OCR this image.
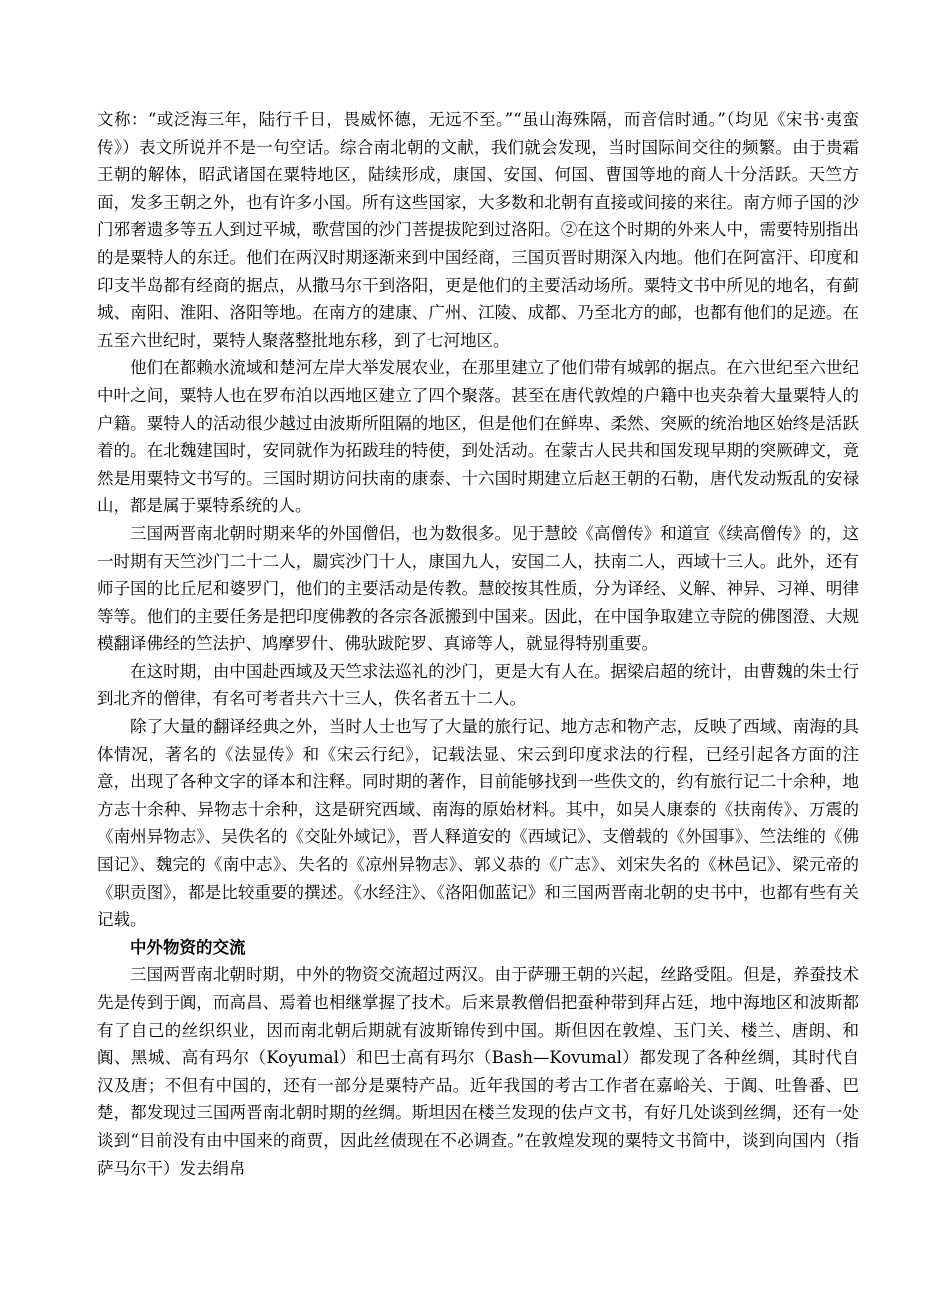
文称：“或泛海三年，陆行千日，畏威怀德，无远不至。”“虽山海殊隔，而音信时通。”（均见《宋书·夷蛮传》）表文所说并不是一句空话。综合南北朝的文献，我们就会发现，当时国际间交往的频繁。由于贵霜王朝的解体，昭武诸国在粟特地区，陆续形成，康国、安国、何国、曹国等地的商人十分活跃。天竺方面，发多王朝之外，也有许多小国。所有这些国家，大多数和北朝有直接或间接的来往。南方师子国的沙门邪奢遗多等五人到过平城，歌营国的沙门菩提拔陀到过洛阳。②在这个时期的外来人中，需要特别指出的是粟特人的东迁。他们在两汉时期逐渐来到中国经商，三国页晋时期深入内地。他们在阿富汗、印度和印支半岛都有经商的据点，从撒马尔干到洛阳，更是他们的主要活动场所。粟特文书中所见的地名，有蓟城、南阳、淮阳、洛阳等地。在南方的建康、广州、江陵、成都、乃至北方的邮，也都有他们的足迹。在五至六世纪时，粟特人聚落整批地东移，到了七河地区。

他们在都赖水流域和楚河左岸大举发展农业，在那里建立了他们带有城郭的据点。在六世纪至六世纪中叶之间，粟特人也在罗布泊以西地区建立了四个聚落。甚至在唐代敦煌的户籍中也夹杂着大量粟特人的户籍。粟特人的活动很少越过由波斯所阻隔的地区，但是他们在鲜卑、柔然、突厥的统治地区始终是活跃着的。在北魏建国时，安同就作为拓跋珪的特使，到处活动。在蒙古人民共和国发现早期的突厥碑文，竟然是用粟特文书写的。三国时期访问扶南的康泰、十六国时期建立后赵王朝的石勒，唐代发动叛乱的安禄山，都是属于粟特系统的人。

三国两晋南北朝时期来华的外国僧侣，也为数很多。见于慧皎《高僧传》和道宣《续高僧传》的，这一时期有天竺沙门二十二人，罽宾沙门十人，康国九人，安国二人，扶南二人，西域十三人。此外，还有师子国的比丘尼和婆罗门，他们的主要活动是传教。慧皎按其性质，分为译经、义解、神异、习禅、明律等等。他们的主要任务是把印度佛教的各宗各派搬到中国来。因此，在中国争取建立寺院的佛图澄、大规模翻译佛经的竺法护、鸠摩罗什、佛驮跋陀罗、真谛等人，就显得特别重要。

在这时期，由中国赴西域及天竺求法巡礼的沙门，更是大有人在。据梁启超的统计，由曹魏的朱士行到北齐的僧律，有名可考者共六十三人，佚名者五十二人。

除了大量的翻译经典之外，当时人士也写了大量的旅行记、地方志和物产志，反映了西域、南海的具体情况，著名的《法显传》和《宋云行纪》，记载法显、宋云到印度求法的行程，已经引起各方面的注意，出现了各种文字的译本和注释。同时期的著作，目前能够找到一些佚文的，约有旅行记二十余种，地方志十余种、异物志十余种，这是研究西域、南海的原始材料。其中，如吴人康泰的《扶南传》、万震的《南州异物志》、吴佚名的《交阯外域记》，晋人释道安的《西域记》、支僧载的《外国事》、竺法维的《佛国记》、魏完的《南中志》、失名的《凉州异物志》、郭义恭的《广志》、刘宋失名的《林邑记》、梁元帝的《职贡图》，都是比较重要的撰述。《水经注》、《洛阳伽蓝记》和三国两晋南北朝的史书中，也都有些有关记载。

中外物资的交流

三国两晋南北朝时期，中外的物资交流超过两汉。由于萨珊王朝的兴起，丝路受阻。但是，养蚕技术先是传到于阗，而高昌、焉着也相继掌握了技术。后来景教僧侣把蚕种带到拜占廷，地中海地区和波斯都有了自己的丝织织业，因而南北朝后期就有波斯锦传到中国。斯但因在敦煌、玉门关、楼兰、唐朗、和阗、黑城、高有玛尔（Koyumal）和巴士高有玛尔（Bash—Kovumal）都发现了各种丝绸，其时代自汉及唐；不但有中国的，还有一部分是粟特产品。近年我国的考古工作者在嘉峪关、于阗、吐鲁番、巴楚，都发现过三国两晋南北朝时期的丝绸。斯坦因在楼兰发现的佉卢文书，有好几处谈到丝绸，还有一处谈到“目前没有由中国来的商贾，因此丝债现在不必调查。”在敦煌发现的粟特文书简中，谈到向国内（指萨马尔干）发去绢帛
